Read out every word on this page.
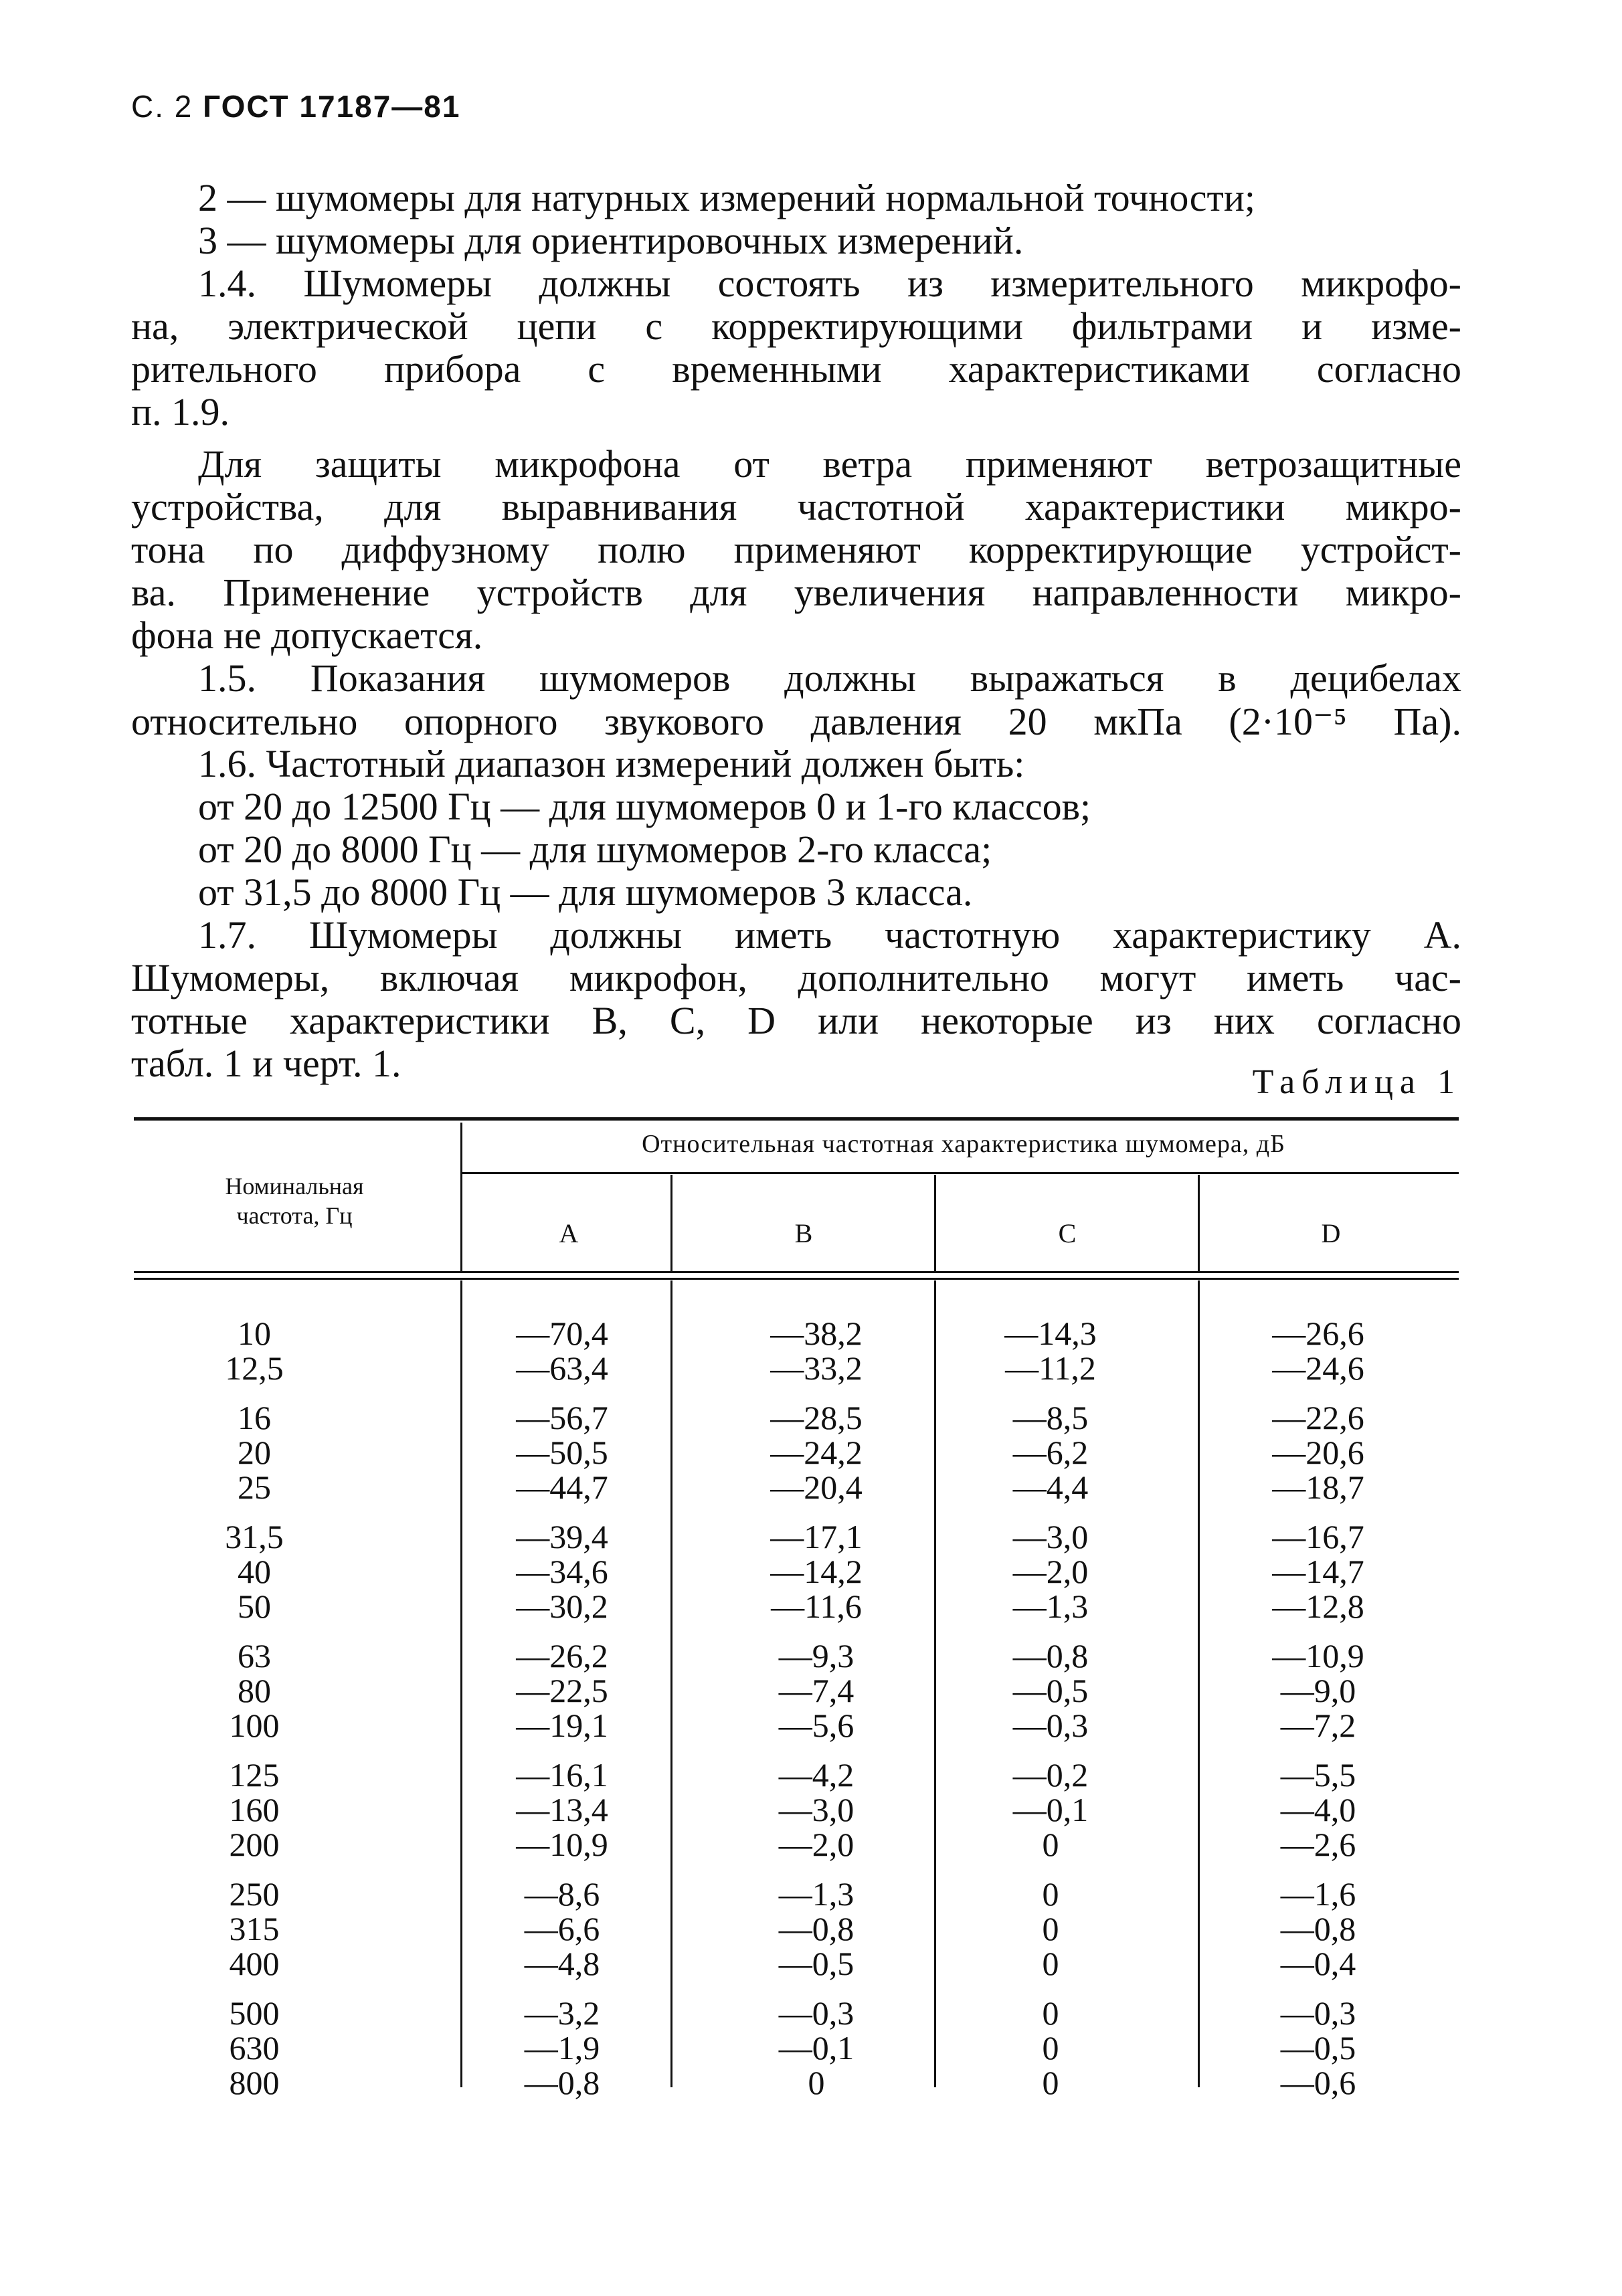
С. 2 ГОСТ 17187—81
2 — шумомеры для натурных измерений нормальной точности;
3 — шумомеры для ориентировочных измерений.
1.4. Шумомеры должны состоять из измерительного микрофо-
на, электрической цепи с корректирующими фильтрами и изме-
рительного прибора с временными характеристиками согласно
п. 1.9.
Для защиты микрофона от ветра применяют ветрозащитные
устройства, для выравнивания частотной характеристики микро-
тона по диффузному полю применяют корректирующие устройст-
ва. Применение устройств для увеличения направленности микро-
фона не допускается.
1.5. Показания шумомеров должны выражаться в децибелах
относительно опорного звукового давления 20 мкПа (2·10⁻⁵ Па).
1.6. Частотный диапазон измерений должен быть:
от 20 до 12500 Гц — для шумомеров 0 и 1-го классов;
от 20 до 8000 Гц — для шумомеров 2-го класса;
от 31,5 до 8000 Гц — для шумомеров 3 класса.
1.7. Шумомеры должны иметь частотную характеристику А.
Шумомеры, включая микрофон, дополнительно могут иметь час-
тотные характеристики В, С, D или некоторые из них согласно
табл. 1 и черт. 1.	Таблица 1
Номинальная
частота, Гц
Относительная частотная характеристика шумомера, дБ
А	В	С	D
10	—70,4	—38,2	—14,3	—26,6
12,5	—63,4	—33,2	—11,2	—24,6
16	—56,7	—28,5	—8,5	—22,6
20	—50,5	—24,2	—6,2	—20,6
25	—44,7	—20,4	—4,4	—18,7
31,5	—39,4	—17,1	—3,0	—16,7
40	—34,6	—14,2	—2,0	—14,7
50	—30,2	—11,6	—1,3	—12,8
63	—26,2	—9,3	—0,8	—10,9
80	—22,5	—7,4	—0,5	—9,0
100	—19,1	—5,6	—0,3	—7,2
125	—16,1	—4,2	—0,2	—5,5
160	—13,4	—3,0	—0,1	—4,0
200	—10,9	—2,0	0	—2,6
250	—8,6	—1,3	0	—1,6
315	—6,6	—0,8	0	—0,8
400	—4,8	—0,5	0	—0,4
500	—3,2	—0,3	0	—0,3
630	—1,9	—0,1	0	—0,5
800	—0,8	0	0	—0,6
